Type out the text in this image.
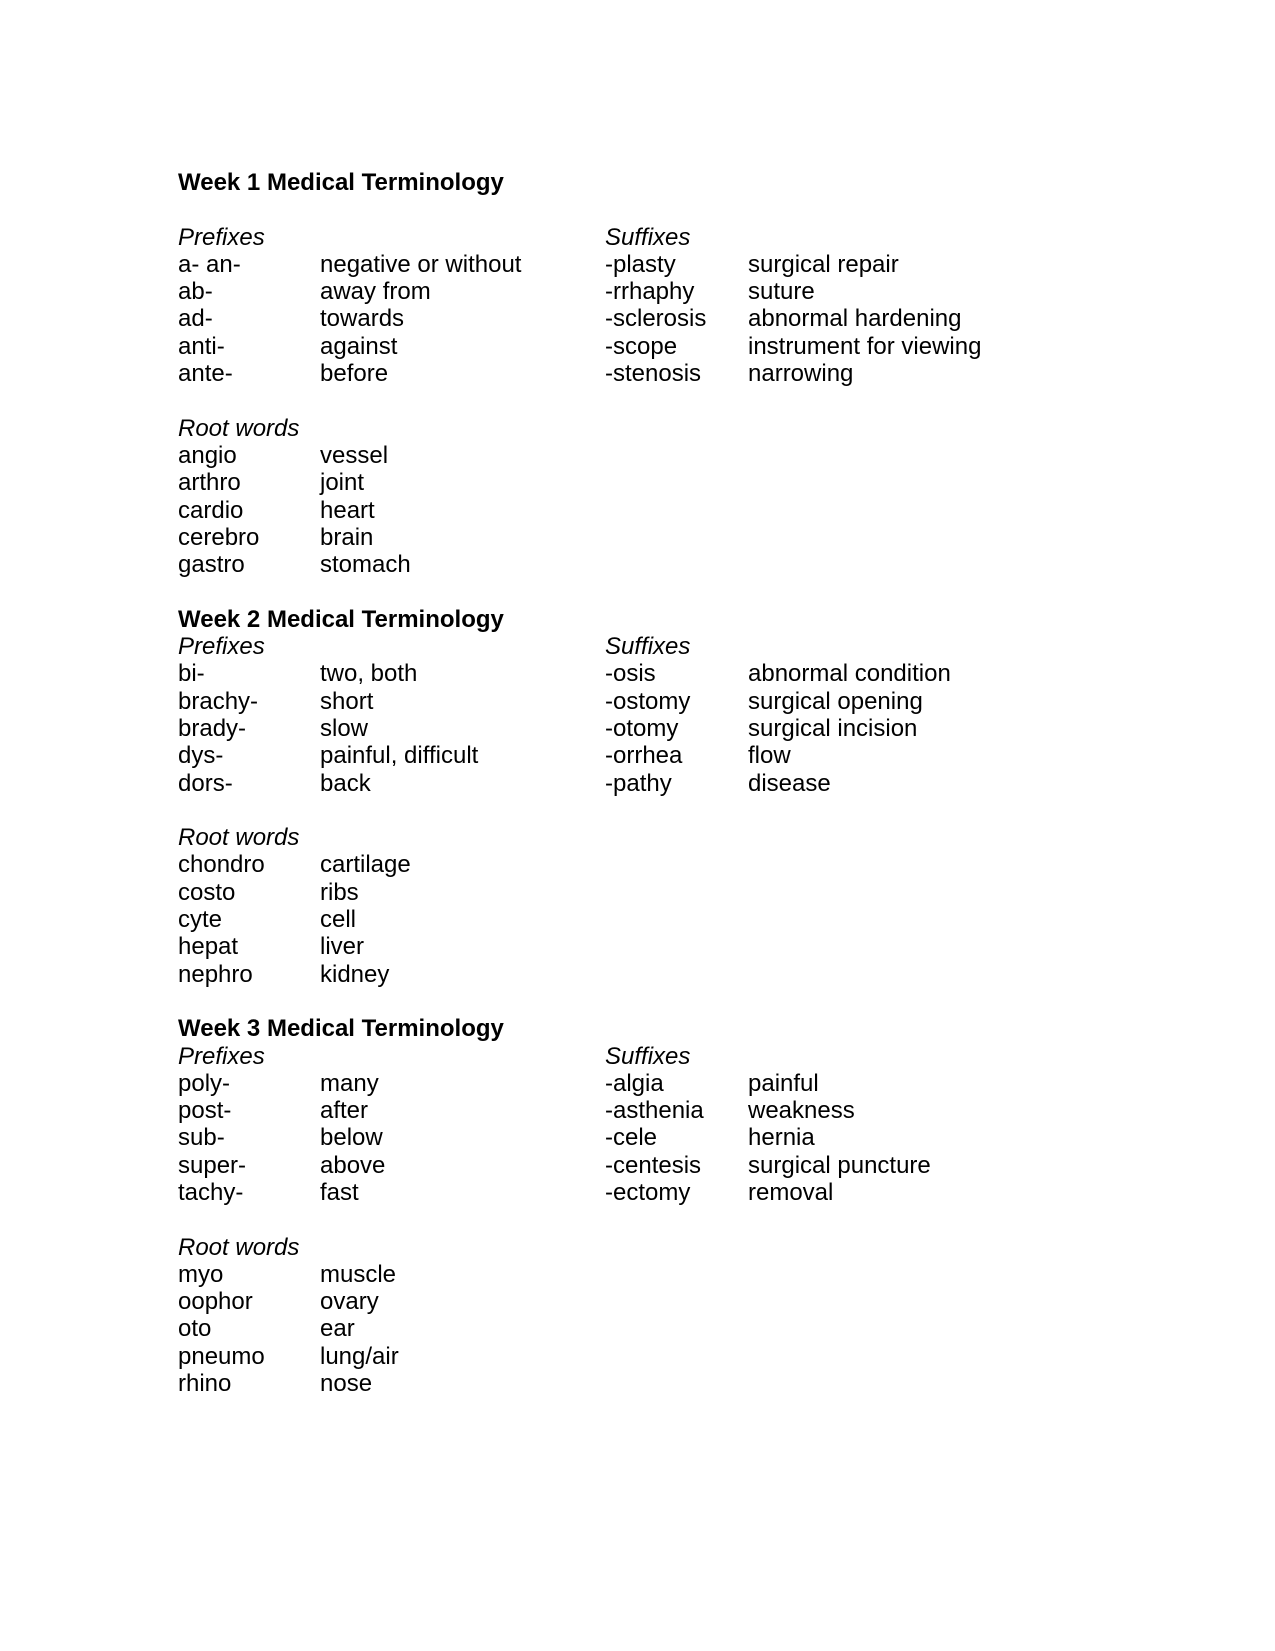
Week 1 Medical Terminology
Prefixes	Suffixes
a- an-	negative or without	-plasty	surgical repair
ab-	away from	-rrhaphy suture
ad-	towards	-sclerosis abnormal hardening
anti-	against	-scope	instrument for viewing
ante-	before	-stenosis narrowing
Root words
angio	vessel
arthro	joint
cardio	heart
cerebro	brain
gastro	stomach
Week 2 Medical Terminology
Prefixes	Suffixes
bi-	two, both	-osis	abnormal condition
brachy-	short	-ostomy surgical opening
brady-	slow	-otomy	surgical incision
dys-	painful, difficult	-orrhea	flow
dors-	back	-pathy	disease
Root words
chondro cartilage
costo	ribs
cyte	cell
hepat	liver
nephro	kidney
Week 3 Medical Terminology
Prefixes	Suffixes
poly-	many	-algia	painful
post-	after	-asthenia weakness
sub-	below	-cele	hernia
super-	above	-centesis surgical puncture
tachy-	fast	-ectomy removal
Root words
myo	muscle
oophor	ovary
oto	ear
pneumo lung/air
rhino	nose
